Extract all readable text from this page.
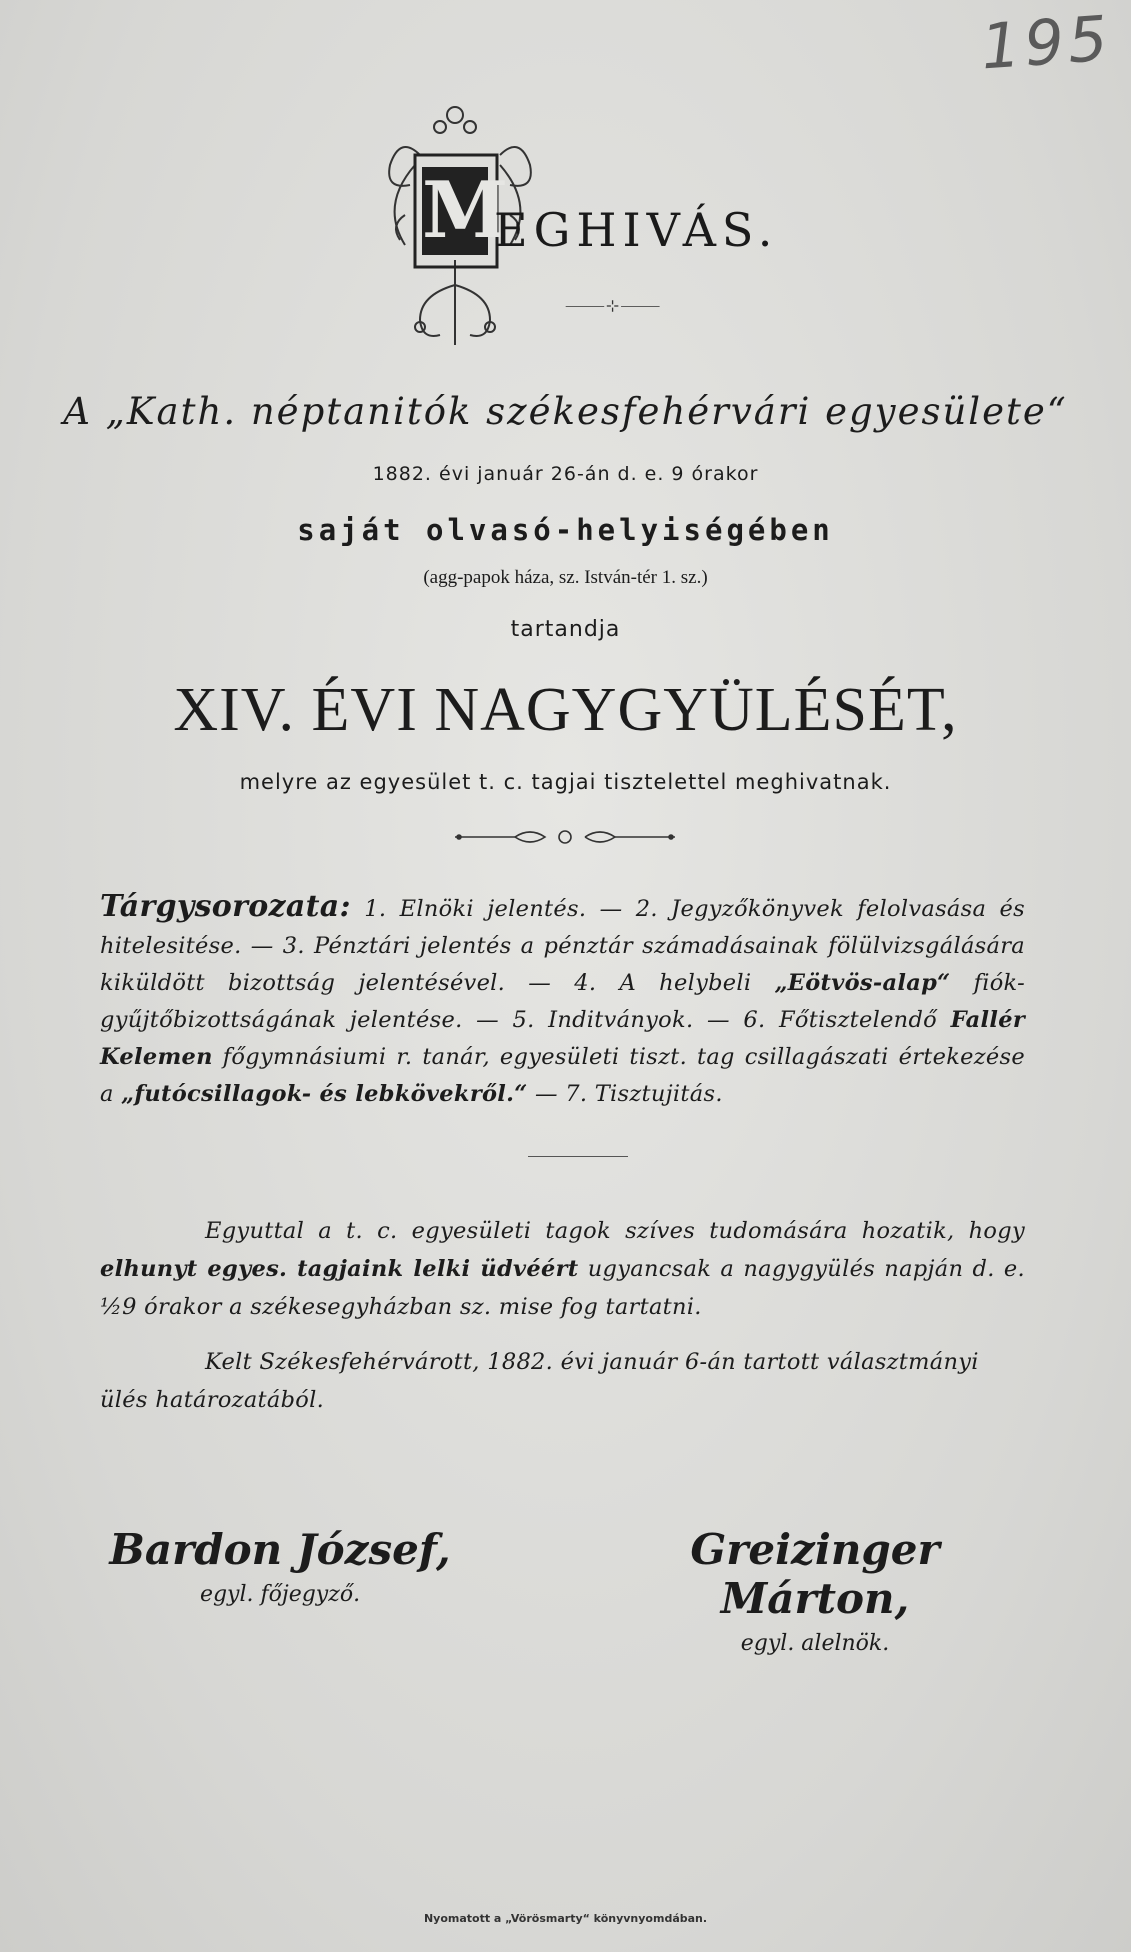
195
M
EGHIVÁS.
⸻⊹⸻
A „Kath. néptanitók székesfehérvári egyesülete“
1882. évi január 26-án d. e. 9 órakor
saját olvasó-helyiségében
(agg-papok háza, sz. István-tér 1. sz.)
tartandja
XIV. ÉVI NAGYGYÜLÉSÉT,
melyre az egyesület t. c. tagjai tisztelettel meghivatnak.
Tárgysorozata: 1. Elnöki jelentés. — 2. Jegyzőkönyvek felolvasása és hitelesitése. — 3. Pénztári jelentés a pénztár számadásainak fölülvizsgálására kiküldött bizottság jelentésével. — 4. A helybeli „Eötvös-alap“ fiók-gyűjtőbizottságának jelentése. — 5. Inditványok. — 6. Főtisztelendő Fallér Kelemen főgymnásiumi r. tanár, egyesületi tiszt. tag csillagászati értekezése a „futócsillagok- és lebkövekről.“ — 7. Tisztujitás.
Egyuttal a t. c. egyesületi tagok szíves tudomására hozatik, hogy elhunyt egyes. tagjaink lelki üdvéért ugyancsak a nagygyülés napján d. e. ½9 órakor a székesegyházban sz. mise fog tartatni.
Kelt Székesfehérvárott, 1882. évi január 6-án tartott választmányi ülés határozatából.
Bardon József,
egyl. főjegyző.
Greizinger Márton,
egyl. alelnök.
Nyomatott a „Vörösmarty“ könyvnyomdában.
